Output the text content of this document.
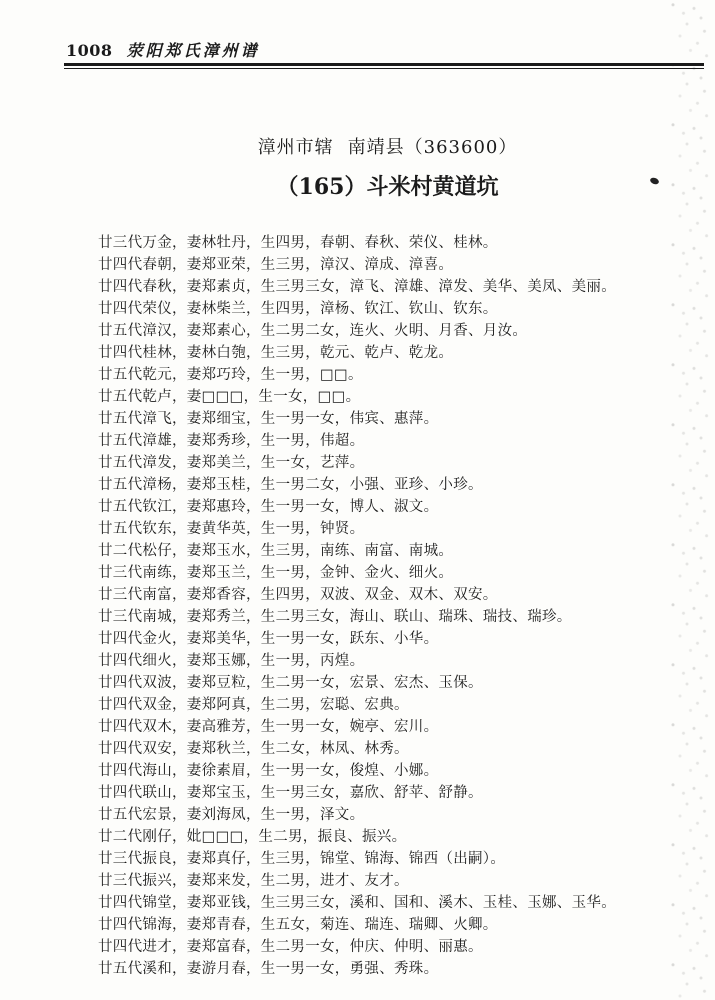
1008 荥阳郑氏漳州谱
漳州市辖 南靖县（363600）
（165）斗米村黄道坑
廿三代万金，妻林牡丹，生四男，春朝、春秋、荣仪、桂林。
廿四代春朝，妻郑亚荣，生三男，漳汉、漳成、漳喜。
廿四代春秋，妻郑素贞，生三男三女，漳飞、漳雄、漳发、美华、美凤、美丽。
廿四代荣仪，妻林柴兰，生四男，漳杨、钦江、钦山、钦东。
廿五代漳汉，妻郑素心，生二男二女，连火、火明、月香、月汝。
廿四代桂林，妻林白匏，生三男，乾元、乾卢、乾龙。
廿五代乾元，妻郑巧玲，生一男，□□。
廿五代乾卢，妻□□□，生一女，□□。
廿五代漳飞，妻郑细宝，生一男一女，伟宾、惠萍。
廿五代漳雄，妻郑秀珍，生一男，伟超。
廿五代漳发，妻郑美兰，生一女，艺萍。
廿五代漳杨，妻郑玉桂，生一男二女，小强、亚珍、小珍。
廿五代钦江，妻郑惠玲，生一男一女，博人、淑文。
廿五代钦东，妻黄华英，生一男，钟贤。
廿二代松仔，妻郑玉水，生三男，南练、南富、南城。
廿三代南练，妻郑玉兰，生一男，金钟、金火、细火。
廿三代南富，妻郑香容，生四男，双波、双金、双木、双安。
廿三代南城，妻郑秀兰，生二男三女，海山、联山、瑞珠、瑞技、瑞珍。
廿四代金火，妻郑美华，生一男一女，跃东、小华。
廿四代细火，妻郑玉娜，生一男，丙煌。
廿四代双波，妻郑豆粒，生二男一女，宏景、宏杰、玉保。
廿四代双金，妻郑阿真，生二男，宏聪、宏典。
廿四代双木，妻高雅芳，生一男一女，婉亭、宏川。
廿四代双安，妻郑秋兰，生二女，林凤、林秀。
廿四代海山，妻徐素眉，生一男一女，俊煌、小娜。
廿四代联山，妻郑宝玉，生一男三女，嘉欣、舒苹、舒静。
廿五代宏景，妻刘海凤，生一男，泽文。
廿二代刚仔，妣□□□，生二男，振良、振兴。
廿三代振良，妻郑真仔，生三男，锦堂、锦海、锦西（出嗣）。
廿三代振兴，妻郑来发，生二男，进才、友才。
廿四代锦堂，妻郑亚钱，生三男三女，溪和、国和、溪木、玉桂、玉娜、玉华。
廿四代锦海，妻郑青春，生五女，菊连、瑞连、瑞卿、火卿。
廿四代进才，妻郑富春，生二男一女，仲庆、仲明、丽惠。
廿五代溪和，妻游月春，生一男一女，勇强、秀珠。
